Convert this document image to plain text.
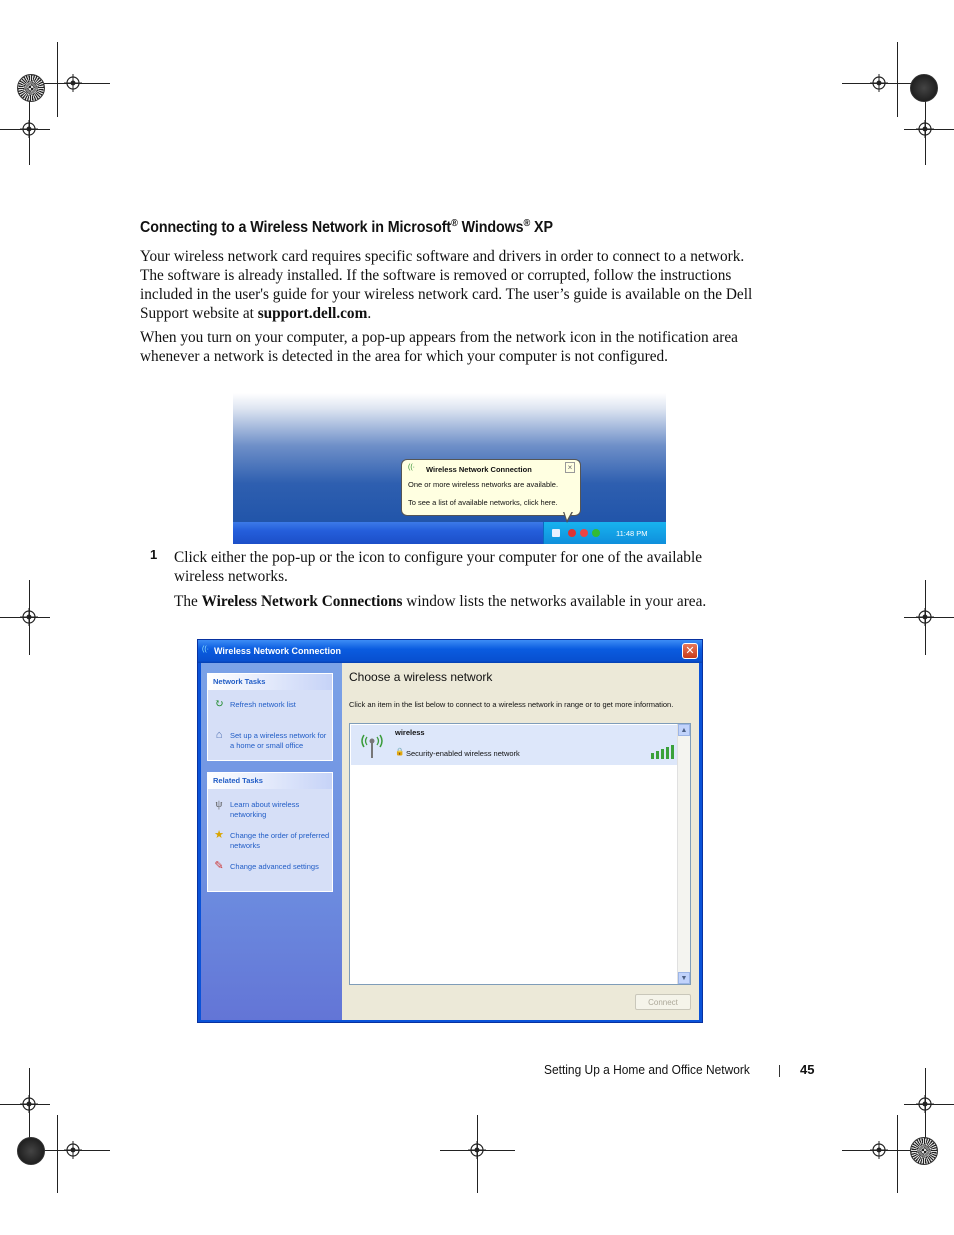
Connecting to a Wireless Network in Microsoft® Windows® XP
Your wireless network card requires specific software and drivers in order to connect to a network. The software is already installed. If the software is removed or corrupted, follow the instructions included in the user's guide for your wireless network card. The user’s guide is available on the Dell Support website at support.dell.com.
When you turn on your computer, a pop-up appears from the network icon in the notification area whenever a network is detected in the area for which your computer is not configured.
11:48 PM
((· Wireless Network Connection	×
One or more wireless networks are available.
To see a list of available networks, click here.
1 Click either the pop-up or the icon to configure your computer for one of the available wireless networks.
The Wireless Network Connections window lists the networks available in your area.
((· Wireless Network Connection	✕
Network Tasks
↻ Refresh network list
⌂	Set up a wireless network for a home or small office
Related Tasks
ψ	Learn about wireless networking
★ Change the order of preferred networks
✎ Change advanced settings
Choose a wireless network
Click an item in the list below to connect to a wireless network in range or to get more information.
wireless
🔒 Security-enabled wireless network
▲
▼
Connect
Setting Up a Home and Office Network	45
